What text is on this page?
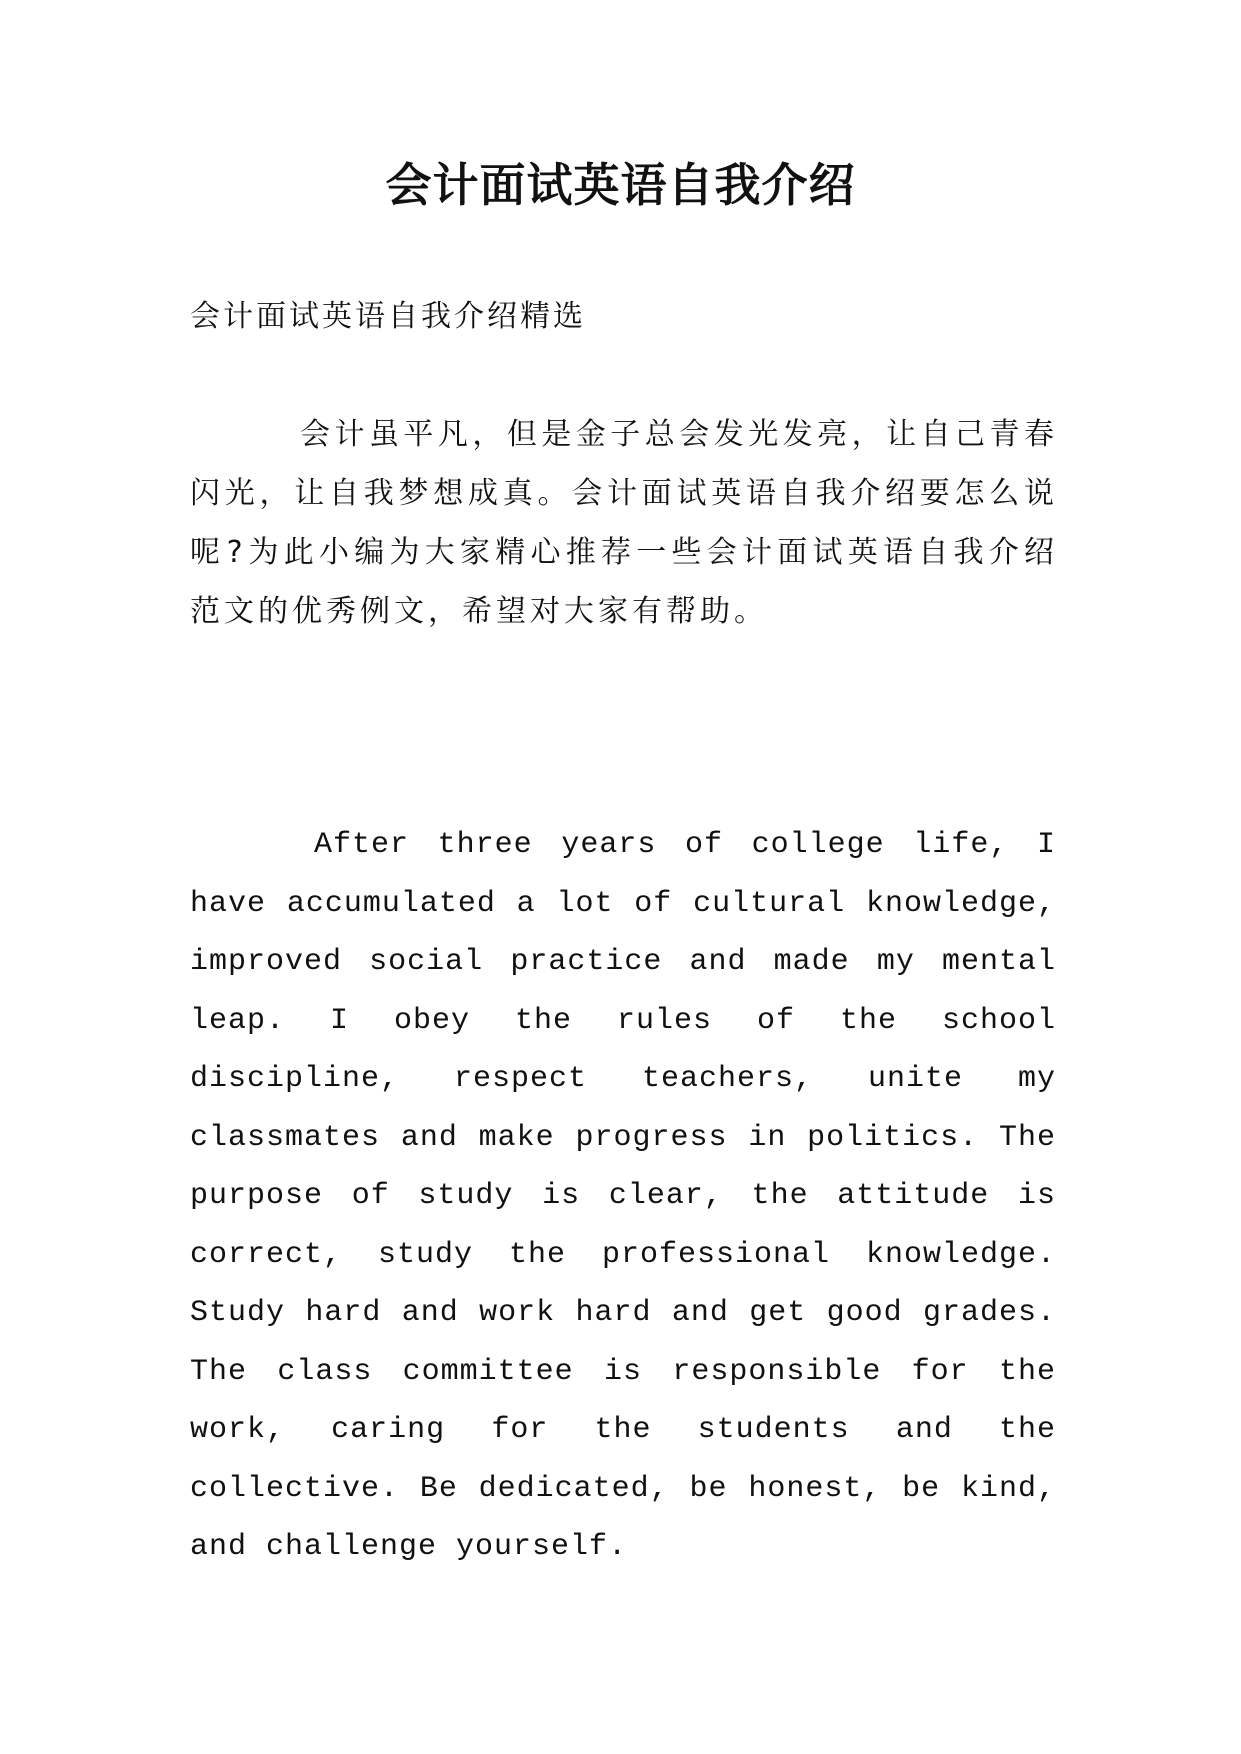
会计面试英语自我介绍

会计面试英语自我介绍精选

会计虽平凡，但是金子总会发光发亮，让自己青春闪光，让自我梦想成真。会计面试英语自我介绍要怎么说呢?为此小编为大家精心推荐一些会计面试英语自我介绍范文的优秀例文，希望对大家有帮助。

After three years of college life, I have accumulated a lot of cultural knowledge, improved social practice and made my mental leap. I obey the rules of the school discipline, respect teachers, unite my classmates and make progress in politics. The purpose of study is clear, the attitude is correct, study the professional knowledge. Study hard and work hard and get good grades. The class committee is responsible for the work, caring for the students and the collective. Be dedicated, be honest, be kind, and challenge yourself.
